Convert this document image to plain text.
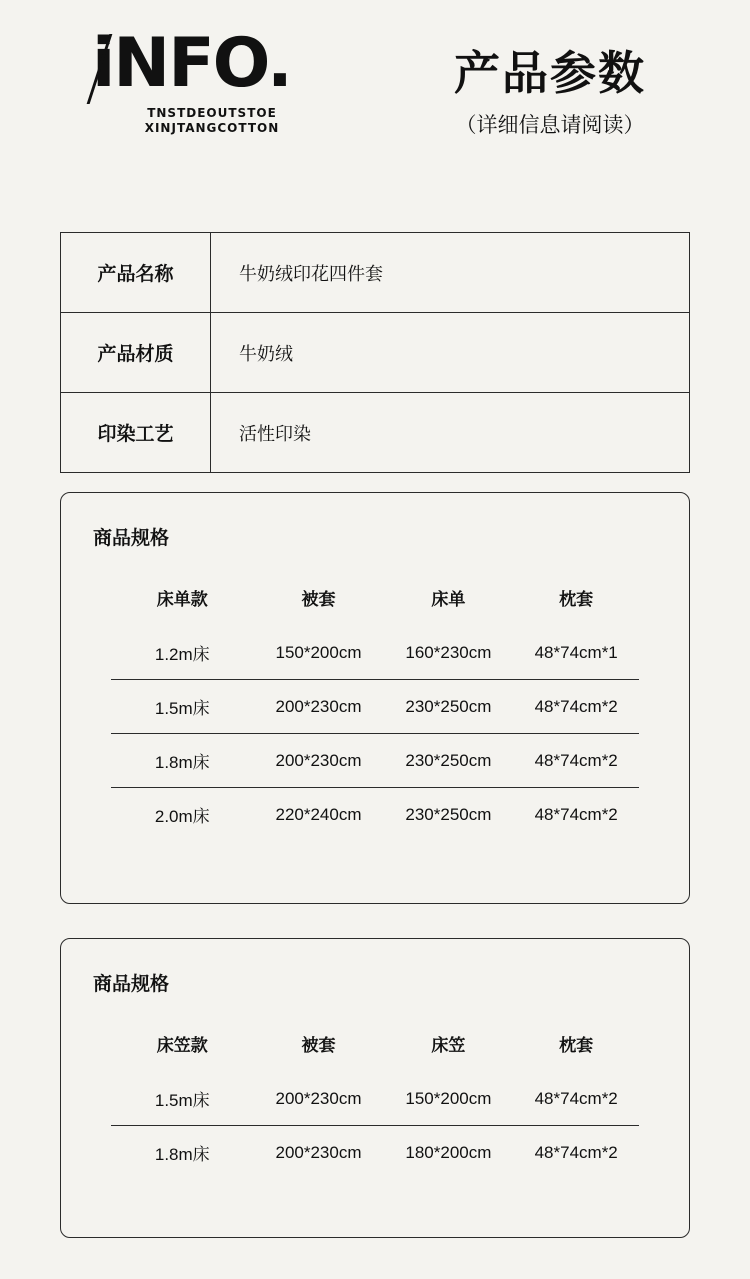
iNFO.
TNSTDEOUTSTOE
XINJTANGCOTTON
产品参数
（详细信息请阅读）
产品名称	牛奶绒印花四件套
产品材质	牛奶绒
印染工艺	活性印染
商品规格
床单款	被套	床单	枕套
1.2m床	150*200cm	160*230cm	48*74cm*1
1.5m床	200*230cm	230*250cm	48*74cm*2
1.8m床	200*230cm	230*250cm	48*74cm*2
2.0m床	220*240cm	230*250cm	48*74cm*2
商品规格
床笠款	被套	床笠	枕套
1.5m床	200*230cm	150*200cm	48*74cm*2
1.8m床	200*230cm	180*200cm	48*74cm*2
